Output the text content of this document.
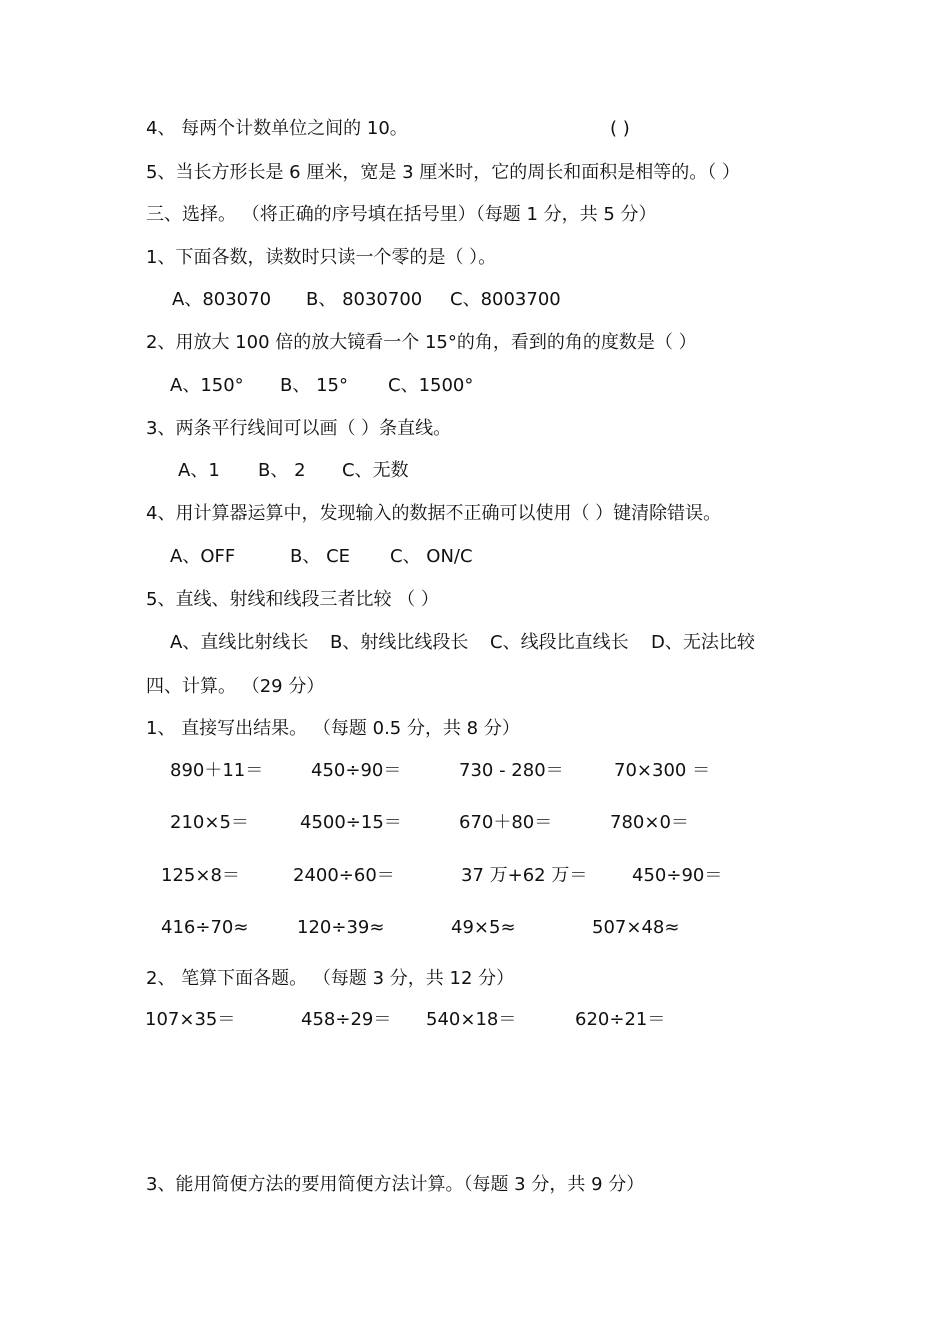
4、 每两个计数单位之间的 10。	( )
5、当长方形长是 6 厘米，宽是 3 厘米时，它的周长和面积是相等的。（ ）
三、选择。 （将正确的序号填在括号里）（每题 1 分，共 5 分）
1、下面各数，读数时只读一个零的是（ ）。
A、803070 B、 8030700 C、8003700
2、用放大 100 倍的放大镜看一个 15°的角，看到的角的度数是（ ）
A、150° B、 15° C、1500°
3、两条平行线间可以画（ ）条直线。
A、1 B、 2 C、无数
4、用计算器运算中，发现输入的数据不正确可以使用（ ）键清除错误。
A、OFF	B、 CE C、 ON/C
5、直线、射线和线段三者比较 （ ）
A、直线比射线长 B、射线比线段长 C、线段比直线长 D、无法比较
四、计算。 （29 分）
1、 直接写出结果。 （每题 0.5 分，共 8 分）
890＋11＝	450÷90＝	730 - 280＝	70×300 ＝
210×5＝	4500÷15＝	670＋80＝	780×0＝
125×8＝	2400÷60＝	37 万+62 万＝ 450÷90＝
416÷70≈	120÷39≈	49×5≈	507×48≈
2、 笔算下面各题。 （每题 3 分，共 12 分）
107×35＝	458÷29＝ 540×18＝	620÷21＝
3、能用简便方法的要用简便方法计算。（每题 3 分，共 9 分）
